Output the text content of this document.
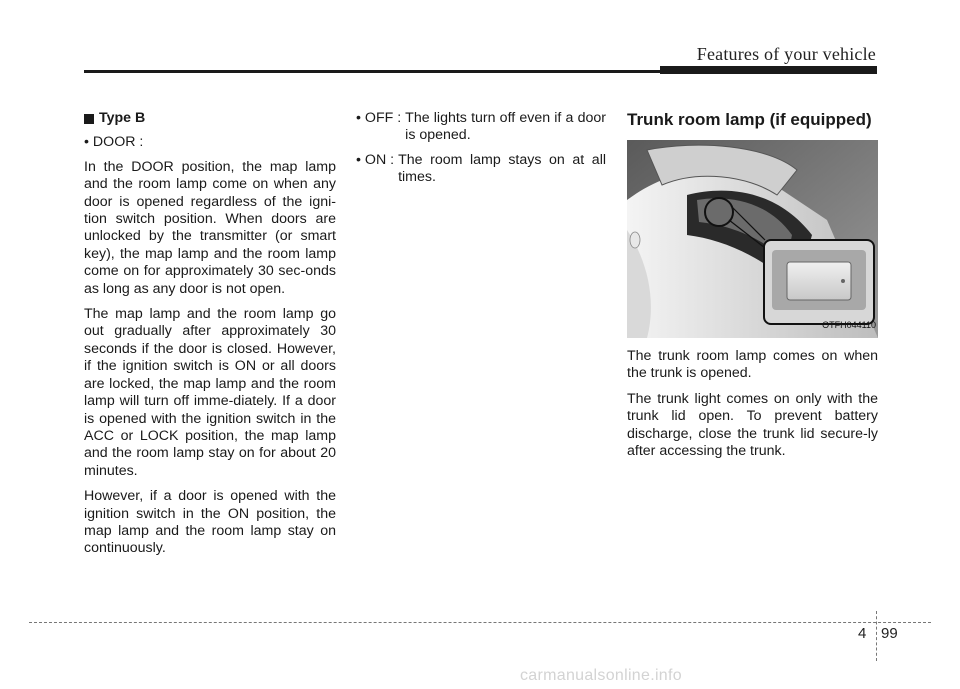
Features of your vehicle
Type B
• DOOR :

In the DOOR position, the map lamp and the room lamp come on when any door is opened regardless of the igni-tion switch position. When doors are unlocked by the transmitter (or smart key), the map lamp and the room lamp come on for approximately 30 sec-onds as long as any door is not open.

The map lamp and the room lamp go out gradually after approximately 30 seconds if the door is closed. However, if the ignition switch is ON or all doors are locked, the map lamp and the room lamp will turn off imme-diately. If a door is opened with the ignition switch in the ACC or LOCK position, the map lamp and the room lamp stay on for about 20 minutes.

However, if a door is opened with the ignition switch in the ON position, the map lamp and the room lamp stay on continuously.

• OFF : The lights turn off even if a door is opened.
• ON : The room lamp stays on at all times.
Trunk room lamp (if equipped)
OTFH044110

The trunk room lamp comes on when the trunk is opened.

The trunk light comes on only with the trunk lid open. To prevent battery discharge, close the trunk lid secure-ly after accessing the trunk.

4 99
carmanualsonline.info
